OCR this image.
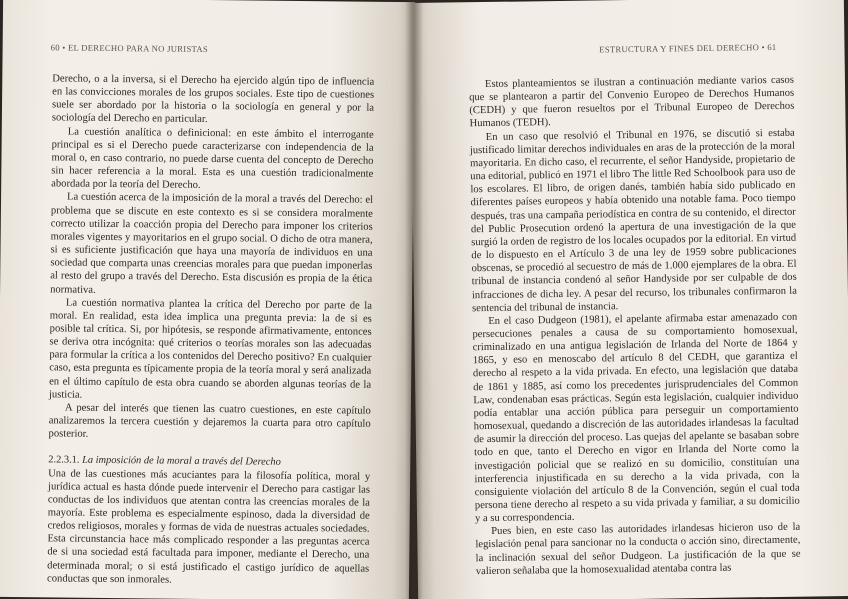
60 • EL DERECHO PARA NO JURISTAS

Derecho, o a la inversa, si el Derecho ha ejercido algún tipo de influencia en las convicciones morales de los grupos sociales. Este tipo de cuestiones suele ser abordado por la historia o la sociología en general y por la sociología del Derecho en particular.

La cuestión analítica o definicional: en este ámbito el interrogante principal es si el Derecho puede caracterizarse con independencia de la moral o, en caso contrario, no puede darse cuenta del concepto de Derecho sin hacer referencia a la moral. Esta es una cuestión tradicionalmente abordada por la teoría del Derecho.

La cuestión acerca de la imposición de la moral a través del Derecho: el problema que se discute en este contexto es si se considera moralmente correcto utilizar la coacción propia del Derecho para imponer los criterios morales vigentes y mayoritarios en el grupo social. O dicho de otra manera, si es suficiente justificación que haya una mayoría de individuos en una sociedad que comparta unas creencias morales para que puedan imponerlas al resto del grupo a través del Derecho. Esta discusión es propia de la ética normativa.

La cuestión normativa plantea la crítica del Derecho por parte de la moral. En realidad, esta idea implica una pregunta previa: la de si es posible tal crítica. Si, por hipótesis, se responde afirmativamente, entonces se deriva otra incógnita: qué criterios o teorías morales son las adecuadas para formular la crítica a los contenidos del Derecho positivo? En cualquier caso, esta pregunta es típicamente propia de la teoría moral y será analizada en el último capítulo de esta obra cuando se aborden algunas teorías de la justicia.

A pesar del interés que tienen las cuatro cuestiones, en este capítulo analizaremos la tercera cuestión y dejaremos la cuarta para otro capítulo posterior.

2.2.3.1. La imposición de la moral a través del Derecho

Una de las cuestiones más acuciantes para la filosofía política, moral y jurídica actual es hasta dónde puede intervenir el Derecho para castigar las conductas de los individuos que atentan contra las creencias morales de la mayoría. Este problema es especialmente espinoso, dada la diversidad de credos religiosos, morales y formas de vida de nuestras actuales sociedades. Esta circunstancia hace más complicado responder a las preguntas acerca de si una sociedad está facultada para imponer, mediante el Derecho, una determinada moral; o si está justificado el castigo jurídico de aquellas conductas que son inmorales.

ESTRUCTURA Y FINES DEL DERECHO • 61

Estos planteamientos se ilustran a continuación mediante varios casos que se plantearon a partir del Convenio Europeo de Derechos Humanos (CEDH) y que fueron resueltos por el Tribunal Europeo de Derechos Humanos (TEDH).

En un caso que resolvió el Tribunal en 1976, se discutió si estaba justificado limitar derechos individuales en aras de la protección de la moral mayoritaria. En dicho caso, el recurrente, el señor Handyside, propietario de una editorial, publicó en 1971 el libro The little Red Schoolbook para uso de los escolares. El libro, de origen danés, también había sido publicado en diferentes países europeos y había obtenido una notable fama. Poco tiempo después, tras una campaña periodística en contra de su contenido, el director del Public Prosecution ordenó la apertura de una investigación de la que surgió la orden de registro de los locales ocupados por la editorial. En virtud de lo dispuesto en el Artículo 3 de una ley de 1959 sobre publicaciones obscenas, se procedió al secuestro de más de 1.000 ejemplares de la obra. El tribunal de instancia condenó al señor Handyside por ser culpable de dos infracciones de dicha ley. A pesar del recurso, los tribunales confirmaron la sentencia del tribunal de instancia.

En el caso Dudgeon (1981), el apelante afirmaba estar amenazado con persecuciones penales a causa de su comportamiento homosexual, criminalizado en una antigua legislación de Irlanda del Norte de 1864 y 1865, y eso en menoscabo del artículo 8 del CEDH, que garantiza el derecho al respeto a la vida privada. En efecto, una legislación que databa de 1861 y 1885, así como los precedentes jurisprudenciales del Common Law, condenaban esas prácticas. Según esta legislación, cualquier individuo podía entablar una acción pública para perseguir un comportamiento homosexual, quedando a discreción de las autoridades irlandesas la facultad de asumir la dirección del proceso. Las quejas del apelante se basaban sobre todo en que, tanto el Derecho en vigor en Irlanda del Norte como la investigación policial que se realizó en su domicilio, constituían una interferencia injustificada en su derecho a la vida privada, con la consiguiente violación del artículo 8 de la Convención, según el cual toda persona tiene derecho al respeto a su vida privada y familiar, a su domicilio y a su correspondencia.

Pues bien, en este caso las autoridades irlandesas hicieron uso de la legislación penal para sancionar no la conducta o acción sino, directamente, la inclinación sexual del señor Dudgeon. La justificación de la que se valieron señalaba que la homosexualidad atentaba contra las
